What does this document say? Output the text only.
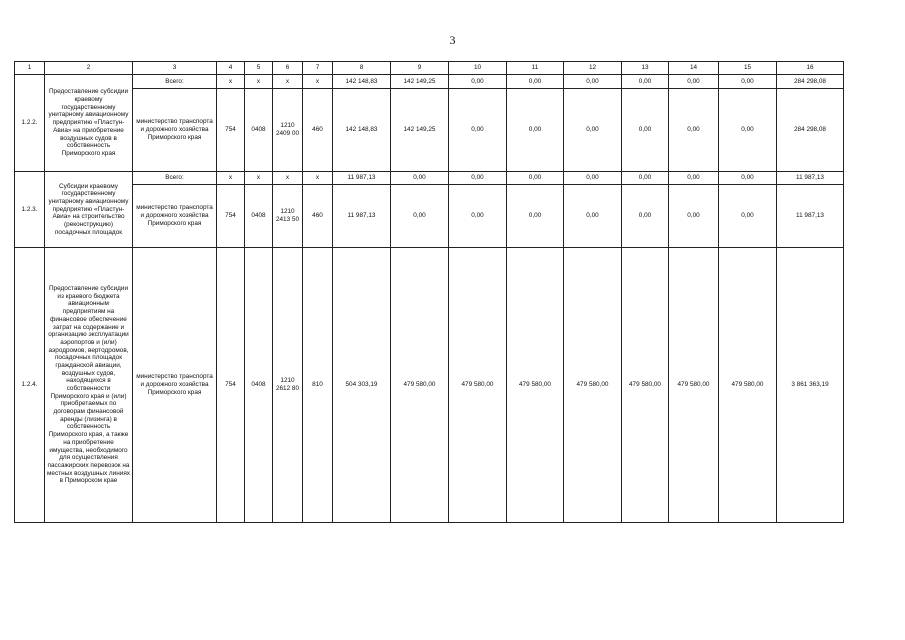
3
1	2	3	4	5	6	7	8	9	10	11	12	13	14	15	16
1.2.2.	Предоставление субсидии краевому государственному унитарному авиационному предприятию «Пластун-Авиа» на приобретение воздушных судов в собственность Приморского края	Всего:	x	x	x	x	142 148,83	142 149,25	0,00	0,00	0,00	0,00	0,00	0,00	284 298,08
		министерство транспорта и дорожного хозяйства Приморского края	754	0408	1210 2409 00	460	142 148,83	142 149,25	0,00	0,00	0,00	0,00	0,00	0,00	284 298,08
1.2.3.	Субсидии краевому государственному унитарному авиационному предприятию «Пластун-Авиа» на строительство (реконструкцию) посадочных площадок	Всего:	x	x	x	x	11 987,13	0,00	0,00	0,00	0,00	0,00	0,00	0,00	11 987,13
		министерство транспорта и дорожного хозяйства Приморского края	754	0408	1210 2413 50	460	11 987,13	0,00	0,00	0,00	0,00	0,00	0,00	0,00	11 987,13
1.2.4.	Предоставление субсидии из краевого бюджета авиационным предприятиям на финансовое обеспечение затрат на содержание и организацию эксплуатации аэропортов и (или) аэродромов, вертодромов, посадочных площадок гражданской авиации, воздушных судов, находящихся в собственности Приморского края и (или) приобретаемых по договорам финансовой аренды (лизинга) в собственность Приморского края, а также на приобретение имущества, необходимого для осуществления пассажирских перевозок на местных воздушных линиях в Приморском крае	министерство транспорта и дорожного хозяйства Приморского края	754	0408	1210 2612 80	810	504 303,19	479 580,00	479 580,00	479 580,00	479 580,00	479 580,00	479 580,00	479 580,00	3 861 363,19
